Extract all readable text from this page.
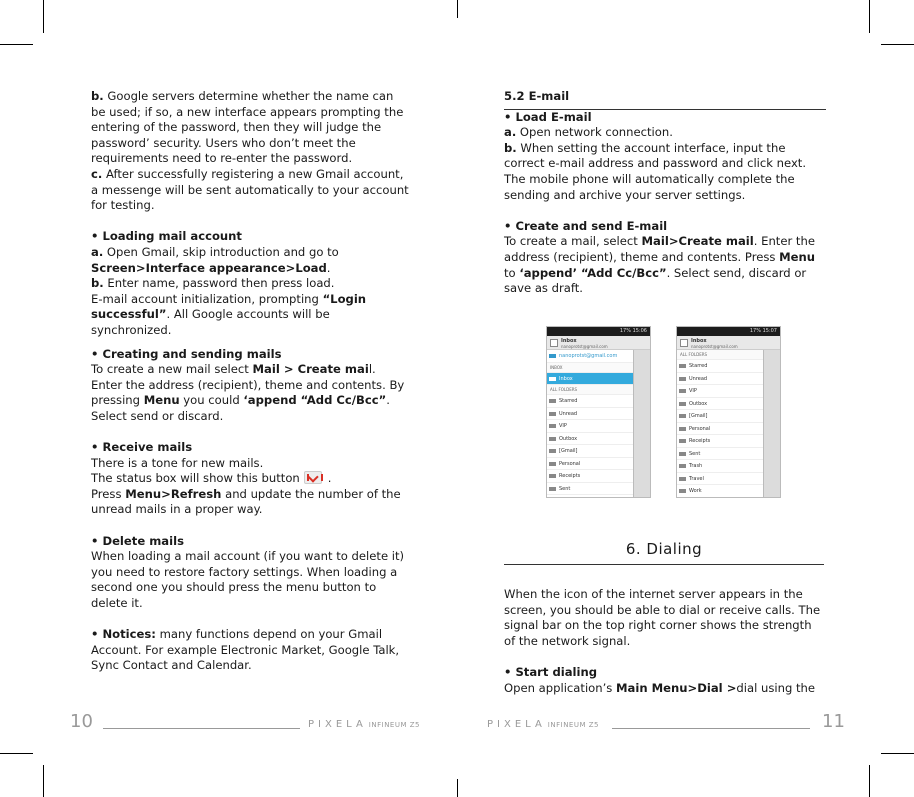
b. Google servers determine whether the name can be used; if so, a new interface appears prompting the entering of the password, then they will judge the password’ security. Users who don’t meet the requirements need to re-enter the password.

c. After successfully registering a new Gmail account, a messenge will be sent automatically to your account for testing.

• Loading mail account

a. Open Gmail, skip introduction and go to
Screen>Interface appearance>Load.

b. Enter name, password then press load.

E-mail account initialization, prompting “Login successful”. All Google accounts will be synchronized.

• Creating and sending mails

To create a new mail select Mail > Create mail. Enter the address (recipient), theme and contents. By pressing Menu you could ‘append “Add Cc/Bcc”. Select send or discard.

• Receive mails

There is a tone for new mails.

The status box will show this button .

Press Menu>Refresh and update the number of the unread mails in a proper way.

• Delete mails

When loading a mail account (if you want to delete it) you need to restore factory settings. When loading a second one you should press the menu button to delete it.

• Notices: many functions depend on your Gmail Account. For example Electronic Market, Google Talk, Sync Contact and Calendar.

5.2 E-mail

• Load E-mail

a. Open network connection.

b. When setting the account interface, input the correct e-mail address and password and click next. The mobile phone will automatically complete the sending and archive your server settings.

• Create and send E-mail

To create a mail, select Mail>Create mail. Enter the address (recipient), theme and contents. Press Menu to ‘append’ “Add Cc/Bcc”. Select send, discard or save as draft.

17% 15:06
Inbox
nanoprotst@gmail.com
nanoprotst@gmail.com
INBOX
Inbox
ALL FOLDERS
Starred
Unread
VIP
Outbox
[Gmail]
Personal
Receipts
Sent
17% 15:07
Inbox
nanoprotst@gmail.com
ALL FOLDERS
Starred
Unread
VIP
Outbox
[Gmail]
Personal
Receipts
Sent
Trash
Travel
Work
6. Dialing

When the icon of the internet server appears in the screen, you should be able to dial or receive calls. The signal bar on the top right corner shows the strength of the network signal.

• Start dialing

Open application’s Main Menu>Dial >dial using the

10	PIXELA INFINEUM Z5	PIXELA INFINEUM Z5	11
